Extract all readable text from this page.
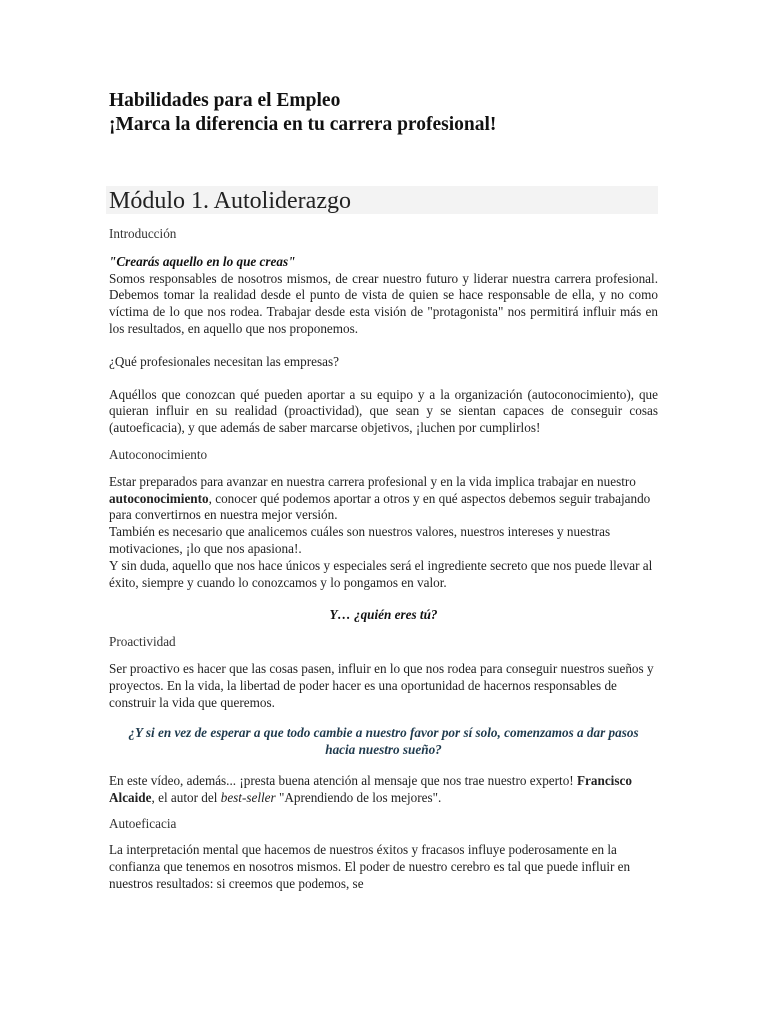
Habilidades para el Empleo
¡Marca la diferencia en tu carrera profesional!
Módulo 1. Autoliderazgo

Introducción

"Crearás aquello en lo que creas"

Somos responsables de nosotros mismos, de crear nuestro futuro y liderar nuestra carrera profesional. Debemos tomar la realidad desde el punto de vista de quien se hace responsable de ella, y no como víctima de lo que nos rodea. Trabajar desde esta visión de "protagonista" nos permitirá influir más en los resultados, en aquello que nos proponemos.

¿Qué profesionales necesitan las empresas?

Aquéllos que conozcan qué pueden aportar a su equipo y a la organización (autoconocimiento), que quieran influir en su realidad (proactividad), que sean y se sientan capaces de conseguir cosas (autoeficacia), y que además de saber marcarse objetivos, ¡luchen por cumplirlos!

Autoconocimiento

Estar preparados para avanzar en nuestra carrera profesional y en la vida implica trabajar en nuestro autoconocimiento, conocer qué podemos aportar a otros y en qué aspectos debemos seguir trabajando para convertirnos en nuestra mejor versión.

También es necesario que analicemos cuáles son nuestros valores, nuestros intereses y nuestras motivaciones, ¡lo que nos apasiona!.

Y sin duda, aquello que nos hace únicos y especiales será el ingrediente secreto que nos puede llevar al éxito, siempre y cuando lo conozcamos y lo pongamos en valor.

Y… ¿quién eres tú?

Proactividad

Ser proactivo es hacer que las cosas pasen, influir en lo que nos rodea para conseguir nuestros sueños y proyectos. En la vida, la libertad de poder hacer es una oportunidad de hacernos responsables de construir la vida que queremos.

¿Y si en vez de esperar a que todo cambie a nuestro favor por sí solo, comenzamos a dar pasos hacia nuestro sueño?

En este vídeo, además... ¡presta buena atención al mensaje que nos trae nuestro experto! Francisco Alcaide, el autor del best-seller "Aprendiendo de los mejores".

Autoeficacia

La interpretación mental que hacemos de nuestros éxitos y fracasos influye poderosamente en la confianza que tenemos en nosotros mismos. El poder de nuestro cerebro es tal que puede influir en nuestros resultados: si creemos que podemos, se
